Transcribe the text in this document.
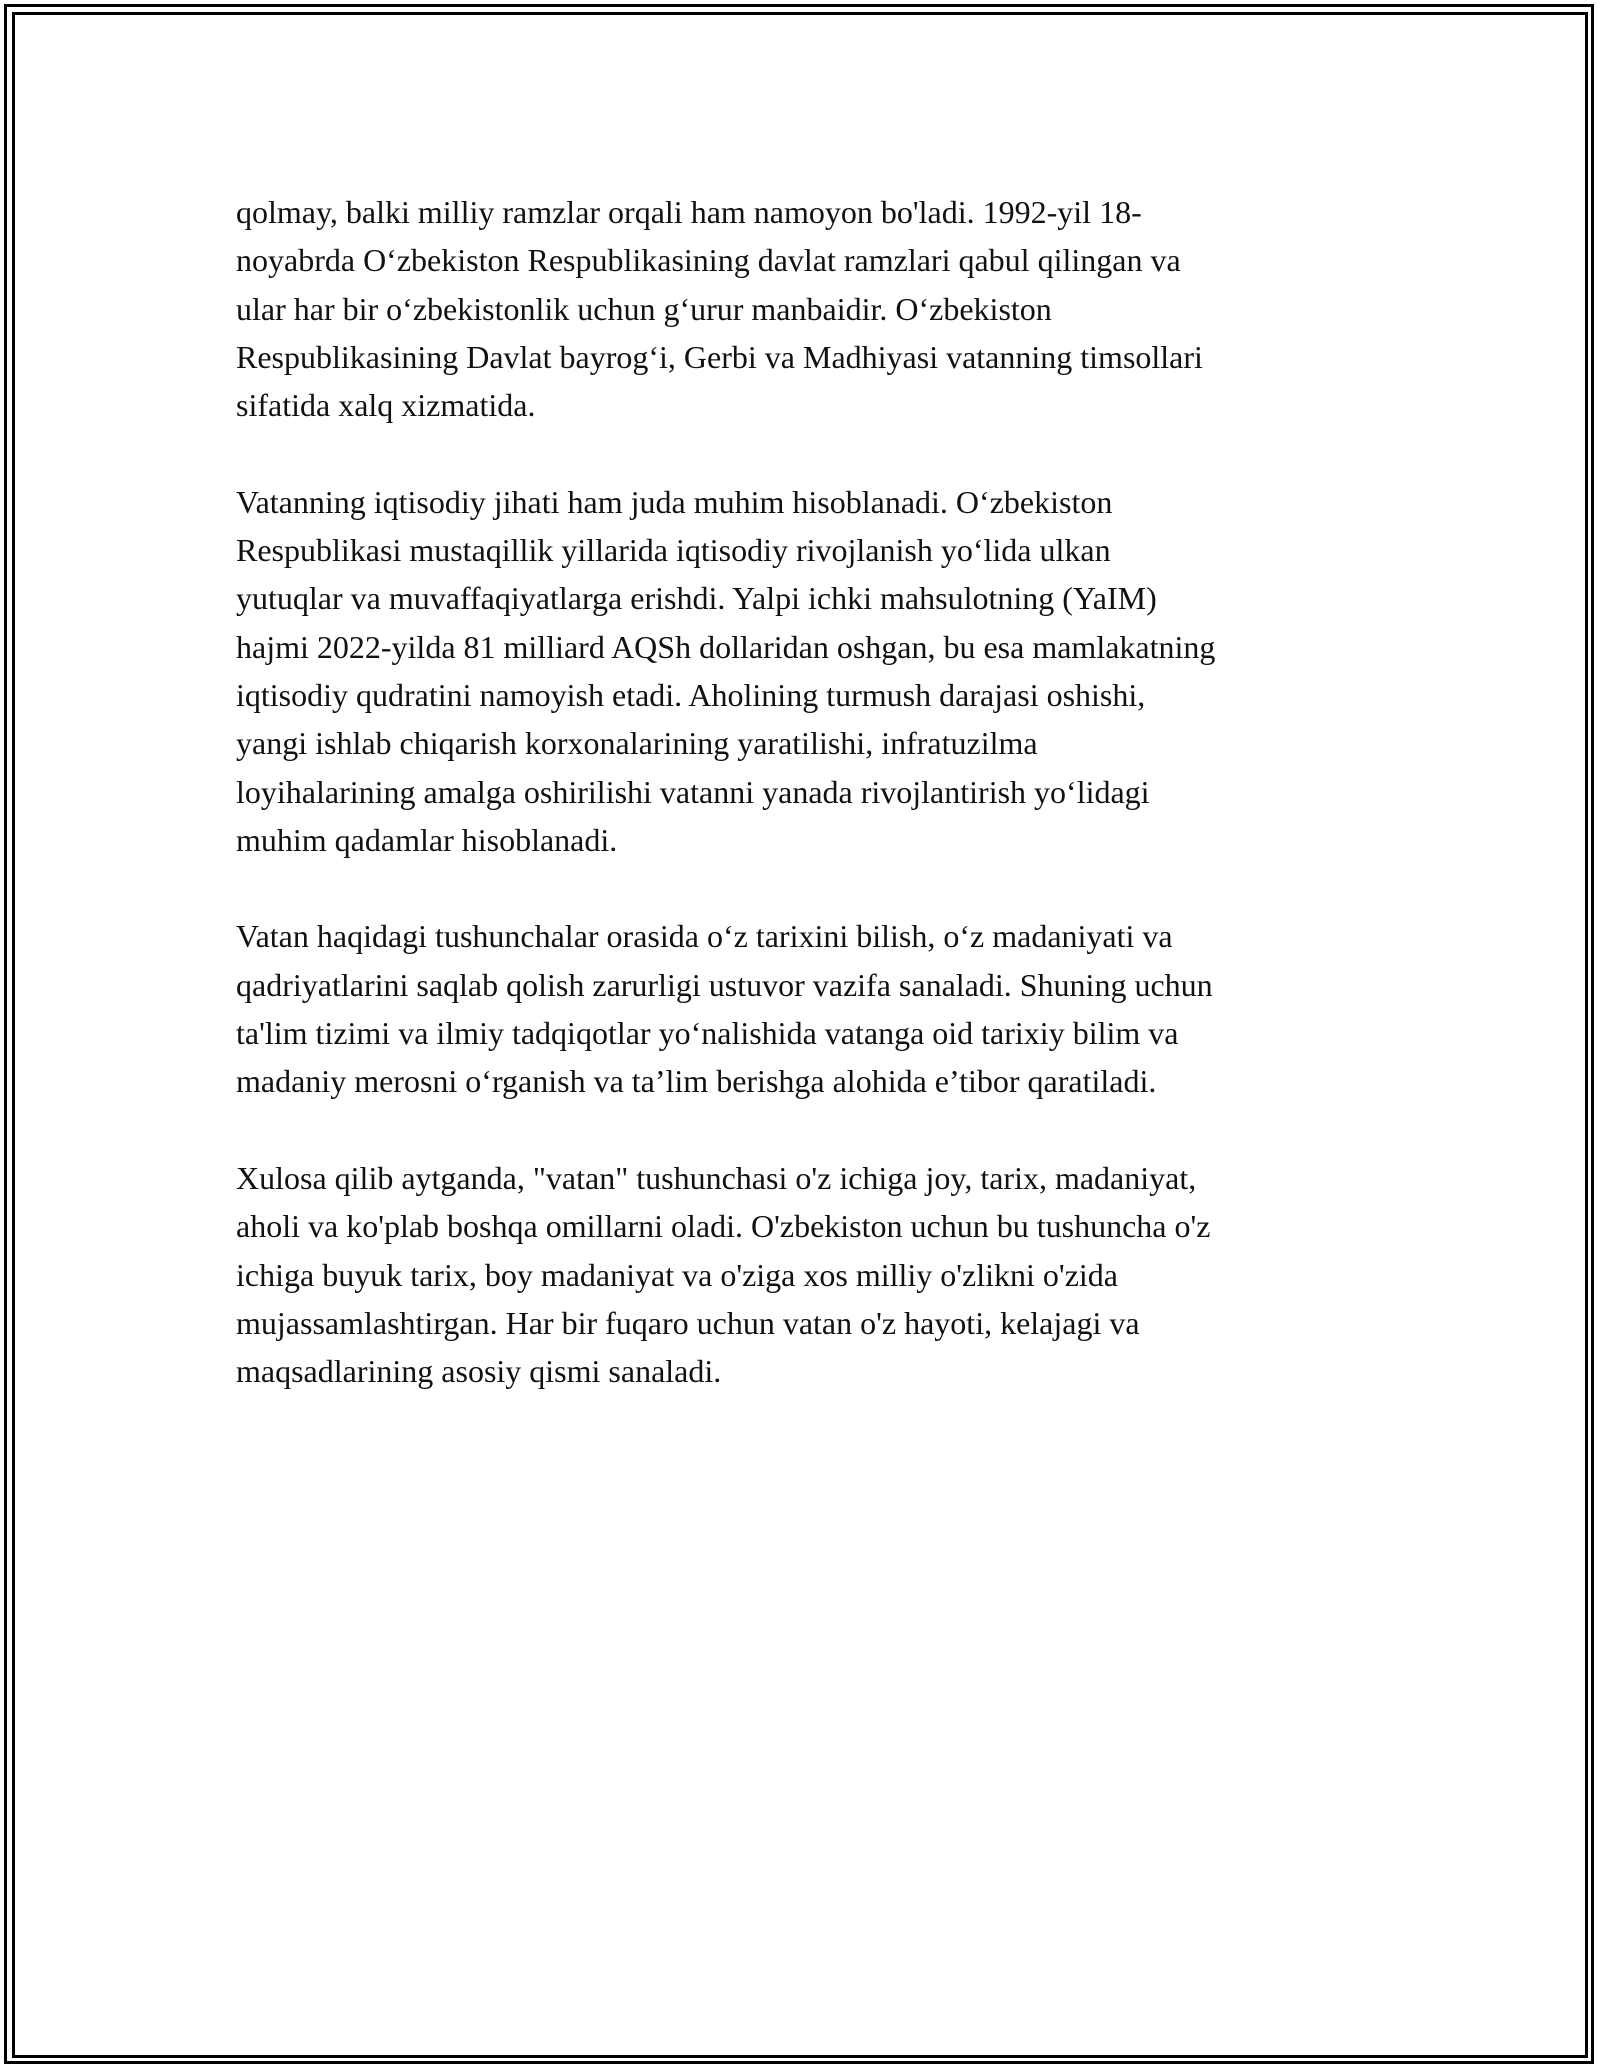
qolmay, balki milliy ramzlar orqali ham namoyon bo'ladi. 1992-yil 18-
noyabrda O‘zbekiston Respublikasining davlat ramzlari qabul qilingan va
ular har bir o‘zbekistonlik uchun g‘urur manbaidir. O‘zbekiston
Respublikasining Davlat bayrog‘i, Gerbi va Madhiyasi vatanning timsollari
sifatida xalq xizmatida.

Vatanning iqtisodiy jihati ham juda muhim hisoblanadi. O‘zbekiston
Respublikasi mustaqillik yillarida iqtisodiy rivojlanish yo‘lida ulkan
yutuqlar va muvaffaqiyatlarga erishdi. Yalpi ichki mahsulotning (YaIM)
hajmi 2022-yilda 81 milliard AQSh dollaridan oshgan, bu esa mamlakatning
iqtisodiy qudratini namoyish etadi. Aholining turmush darajasi oshishi,
yangi ishlab chiqarish korxonalarining yaratilishi, infratuzilma
loyihalarining amalga oshirilishi vatanni yanada rivojlantirish yo‘lidagi
muhim qadamlar hisoblanadi.

Vatan haqidagi tushunchalar orasida o‘z tarixini bilish, o‘z madaniyati va
qadriyatlarini saqlab qolish zarurligi ustuvor vazifa sanaladi. Shuning uchun
ta'lim tizimi va ilmiy tadqiqotlar yo‘nalishida vatanga oid tarixiy bilim va
madaniy merosni o‘rganish va ta’lim berishga alohida e’tibor qaratiladi.

Xulosa qilib aytganda, "vatan" tushunchasi o'z ichiga joy, tarix, madaniyat,
aholi va ko'plab boshqa omillarni oladi. O'zbekiston uchun bu tushuncha o'z
ichiga buyuk tarix, boy madaniyat va o'ziga xos milliy o'zlikni o'zida
mujassamlashtirgan. Har bir fuqaro uchun vatan o'z hayoti, kelajagi va
maqsadlarining asosiy qismi sanaladi.
